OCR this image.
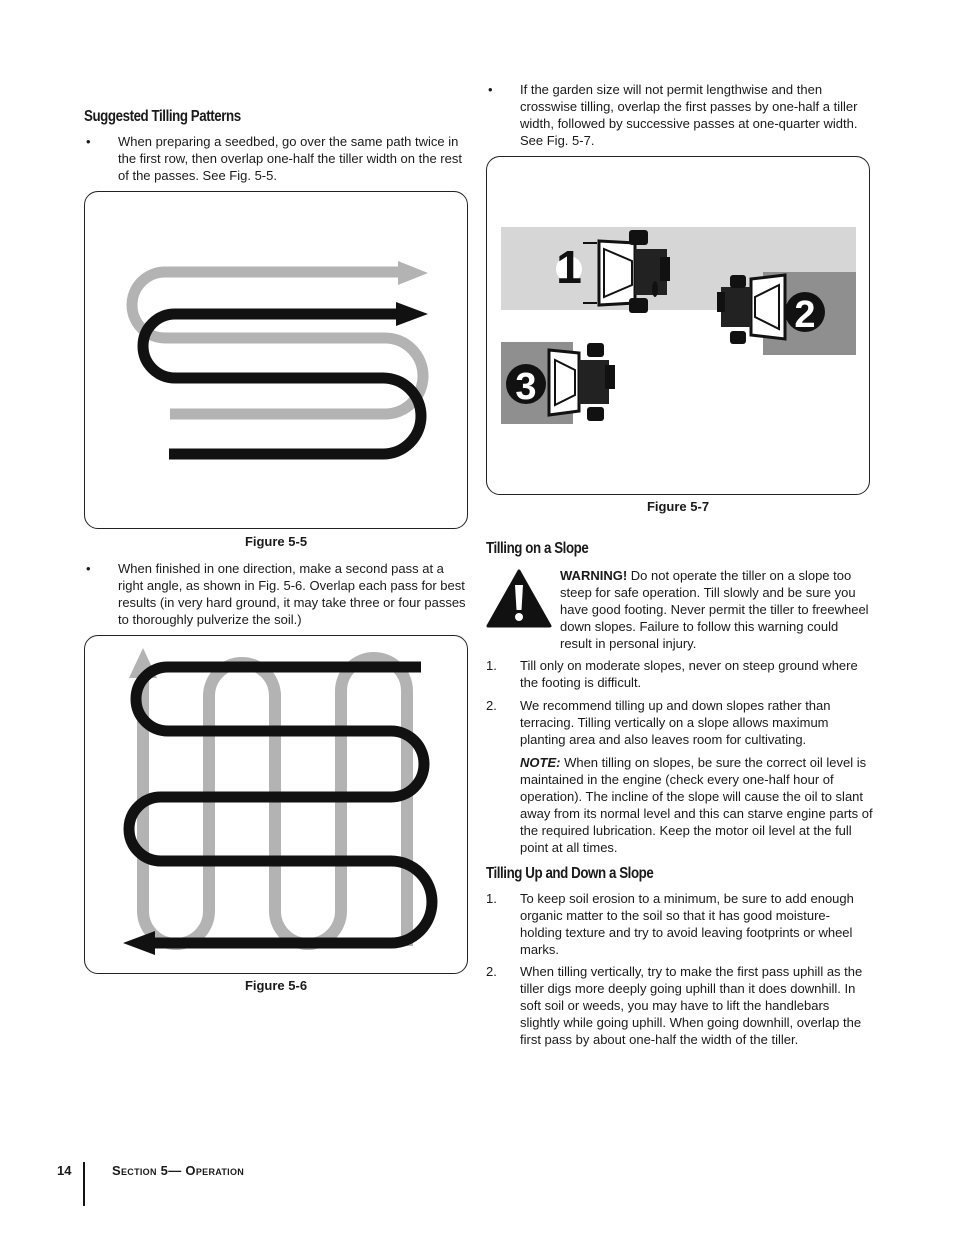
Suggested Tilling Patterns
• When preparing a seedbed, go over the same path twice in the first row, then overlap one-half the tiller width on the rest of the passes. See Fig. 5-5.
Figure 5-5
• When finished in one direction, make a second pass at a right angle, as shown in Fig. 5-6. Overlap each pass for best results (in very hard ground, it may take three or four passes to thoroughly pulverize the soil.)
Figure 5-6
• If the garden size will not permit lengthwise and then crosswise tilling, overlap the first passes by one-half a tiller width, followed by successive passes at one-quarter width. See Fig. 5-7.
1
2
3
Figure 5-7
Tilling on a Slope
WARNING! Do not operate the tiller on a slope too steep for safe operation. Till slowly and be sure you have good footing. Never permit the tiller to freewheel down slopes. Failure to follow this warning could result in personal injury.
1. Till only on moderate slopes, never on steep ground where the footing is difficult.
2. We recommend tilling up and down slopes rather than terracing. Tilling vertically on a slope allows maximum planting area and also leaves room for cultivating.
NOTE: When tilling on slopes, be sure the correct oil level is maintained in the engine (check every one-half hour of operation). The incline of the slope will cause the oil to slant away from its normal level and this can starve engine parts of the required lubrication. Keep the motor oil level at the full point at all times.
Tilling Up and Down a Slope
1. To keep soil erosion to a minimum, be sure to add enough organic matter to the soil so that it has good moisture-holding texture and try to avoid leaving footprints or wheel marks.
2. When tilling vertically, try to make the first pass uphill as the tiller digs more deeply going uphill than it does downhill. In soft soil or weeds, you may have to lift the handlebars slightly while going uphill. When going downhill, overlap the first pass by about one-half the width of the tiller.
14	Section 5— Operation
